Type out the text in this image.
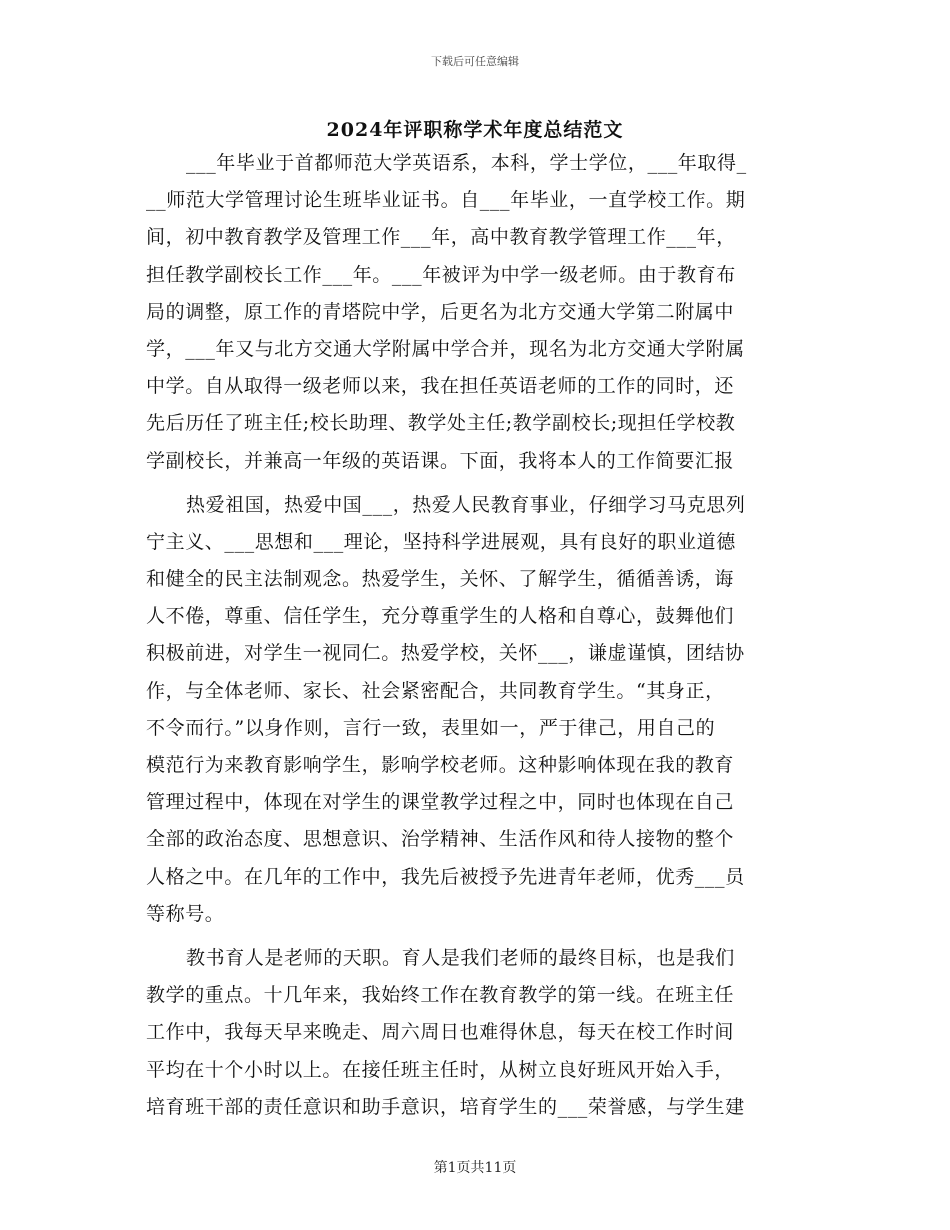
下载后可任意编辑
2024年评职称学术年度总结范文
___年毕业于首都师范大学英语系，本科，学士学位，___年取得_
__师范大学管理讨论生班毕业证书。自___年毕业，一直学校工作。期
间，初中教育教学及管理工作___年，高中教育教学管理工作___年，
担任教学副校长工作___年。___年被评为中学一级老师。由于教育布
局的调整，原工作的青塔院中学，后更名为北方交通大学第二附属中
学，___年又与北方交通大学附属中学合并，现名为北方交通大学附属
中学。自从取得一级老师以来，我在担任英语老师的工作的同时，还
先后历任了班主任;校长助理、教学处主任;教学副校长;现担任学校教
学副校长，并兼高一年级的英语课。下面，我将本人的工作简要汇报
热爱祖国，热爱中国___，热爱人民教育事业，仔细学习马克思列
宁主义、___思想和___理论，坚持科学进展观，具有良好的职业道德
和健全的民主法制观念。热爱学生，关怀、了解学生，循循善诱，诲
人不倦，尊重、信任学生，充分尊重学生的人格和自尊心，鼓舞他们
积极前进，对学生一视同仁。热爱学校，关怀___，谦虚谨慎，团结协
作，与全体老师、家长、社会紧密配合，共同教育学生。“其身正，
不令而行。”以身作则，言行一致，表里如一，严于律己，用自己的
模范行为来教育影响学生，影响学校老师。这种影响体现在我的教育
管理过程中，体现在对学生的课堂教学过程之中，同时也体现在自己
全部的政治态度、思想意识、治学精神、生活作风和待人接物的整个
人格之中。在几年的工作中，我先后被授予先进青年老师，优秀___员
等称号。
教书育人是老师的天职。育人是我们老师的最终目标，也是我们
教学的重点。十几年来，我始终工作在教育教学的第一线。在班主任
工作中，我每天早来晚走、周六周日也难得休息，每天在校工作时间
平均在十个小时以上。在接任班主任时，从树立良好班风开始入手，
培育班干部的责任意识和助手意识，培育学生的___荣誉感，与学生建
第1页共11页
